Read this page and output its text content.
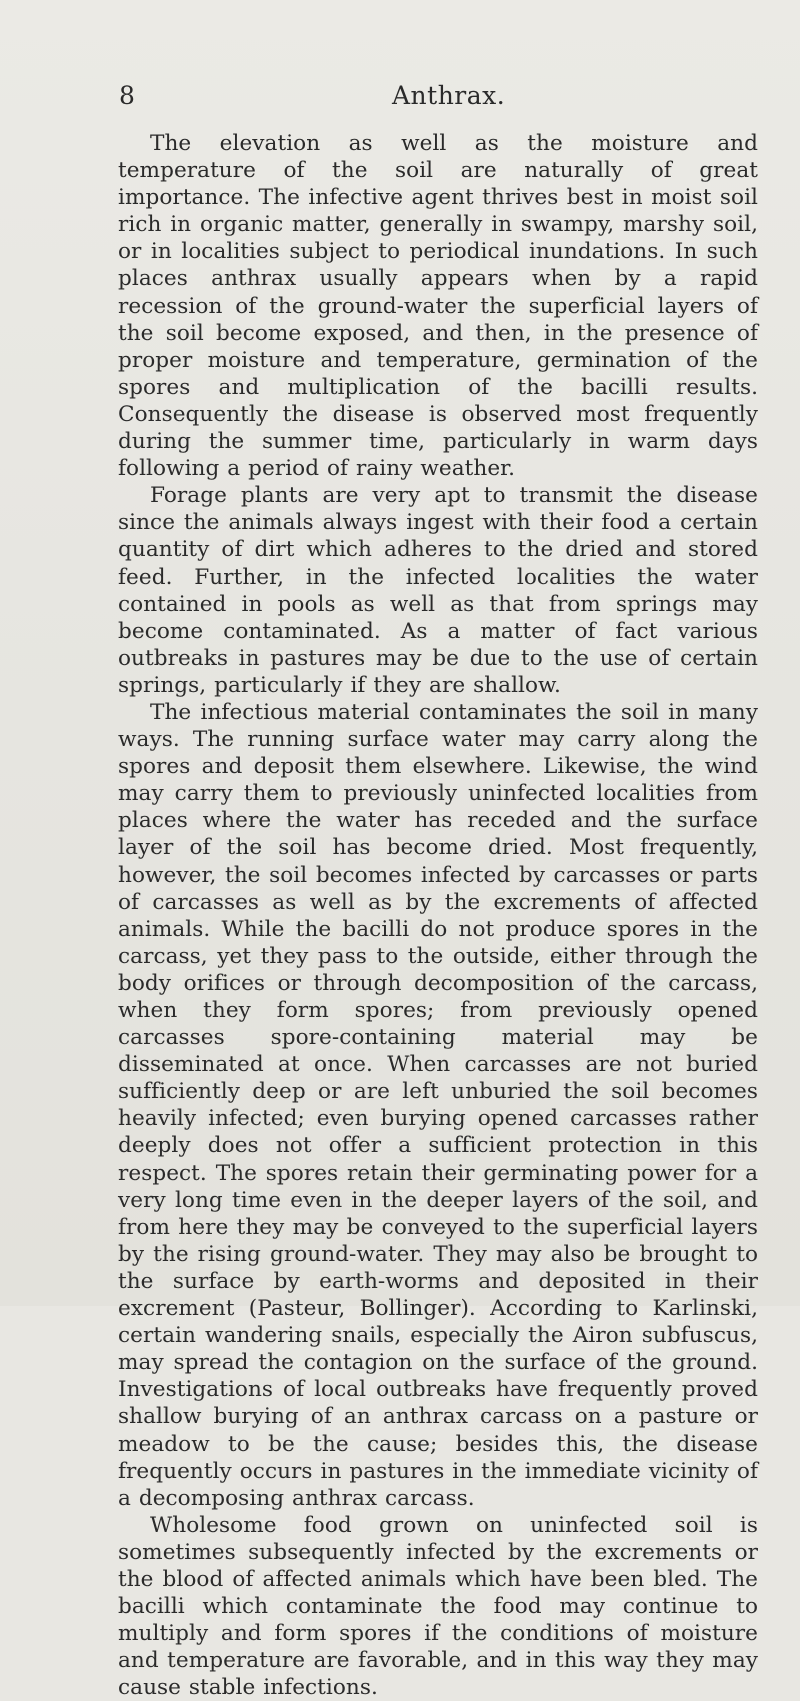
8	Anthrax.

The elevation as well as the moisture and temperature of the soil are naturally of great importance. The infective agent thrives best in moist soil rich in organic matter, generally in swampy, marshy soil, or in localities subject to periodical inundations. In such places anthrax usually appears when by a rapid recession of the ground-water the superficial layers of the soil become exposed, and then, in the presence of proper moisture and temperature, germination of the spores and multiplication of the bacilli results. Consequently the disease is observed most frequently during the summer time, particularly in warm days following a period of rainy weather.

Forage plants are very apt to transmit the disease since the animals always ingest with their food a certain quantity of dirt which adheres to the dried and stored feed. Further, in the infected localities the water contained in pools as well as that from springs may become contaminated. As a matter of fact various outbreaks in pastures may be due to the use of certain springs, particularly if they are shallow.

The infectious material contaminates the soil in many ways. The running surface water may carry along the spores and deposit them elsewhere. Likewise, the wind may carry them to previously uninfected localities from places where the water has receded and the surface layer of the soil has become dried. Most frequently, however, the soil becomes infected by carcasses or parts of carcasses as well as by the excrements of affected animals. While the bacilli do not produce spores in the carcass, yet they pass to the outside, either through the body orifices or through decomposition of the carcass, when they form spores; from previously opened carcasses spore-containing material may be disseminated at once. When carcasses are not buried sufficiently deep or are left unburied the soil becomes heavily infected; even burying opened carcasses rather deeply does not offer a sufficient protection in this respect. The spores retain their germinating power for a very long time even in the deeper layers of the soil, and from here they may be conveyed to the superficial layers by the rising ground-water. They may also be brought to the surface by earth-worms and deposited in their excrement (Pasteur, Bollinger). According to Karlinski, certain wandering snails, especially the Airon subfuscus, may spread the contagion on the surface of the ground. Investigations of local outbreaks have frequently proved shallow burying of an anthrax carcass on a pasture or meadow to be the cause; besides this, the disease frequently occurs in pastures in the immediate vicinity of a decomposing anthrax carcass.

Wholesome food grown on uninfected soil is sometimes subsequently infected by the excrements or the blood of affected animals which have been bled. The bacilli which contaminate the food may continue to multiply and form spores if the conditions of moisture and temperature are favorable, and in this way they may cause stable infections.
